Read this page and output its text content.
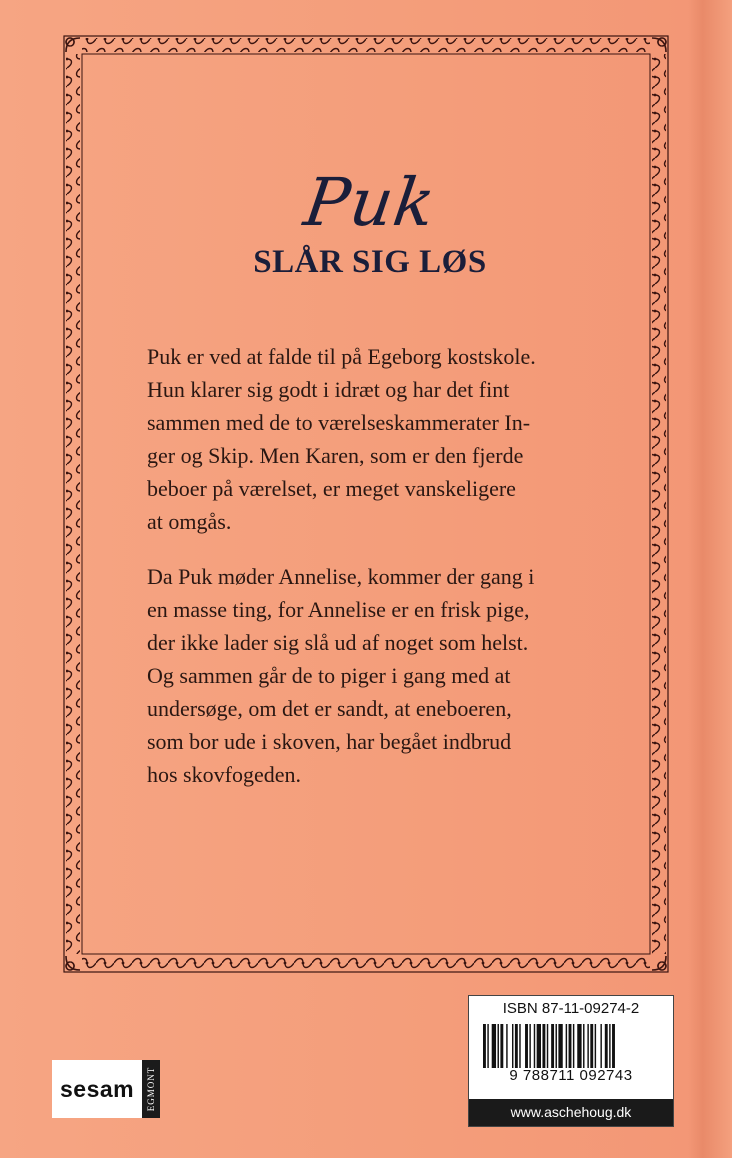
Puk
SLÅR SIG LØS
Puk er ved at falde til på Egeborg kostskole.
Hun klarer sig godt i idræt og har det fint
sammen med de to værelseskammerater In-
ger og Skip. Men Karen, som er den fjerde
beboer på værelset, er meget vanskeligere
at omgås.
Da Puk møder Annelise, kommer der gang i
en masse ting, for Annelise er en frisk pige,
der ikke lader sig slå ud af noget som helst.
Og sammen går de to piger i gang med at
undersøge, om det er sandt, at eneboeren,
som bor ude i skoven, har begået indbrud
hos skovfogeden.
sesam	EGMONT
ISBN 87-11-09274-2
9 788711 092743
www.aschehoug.dk
